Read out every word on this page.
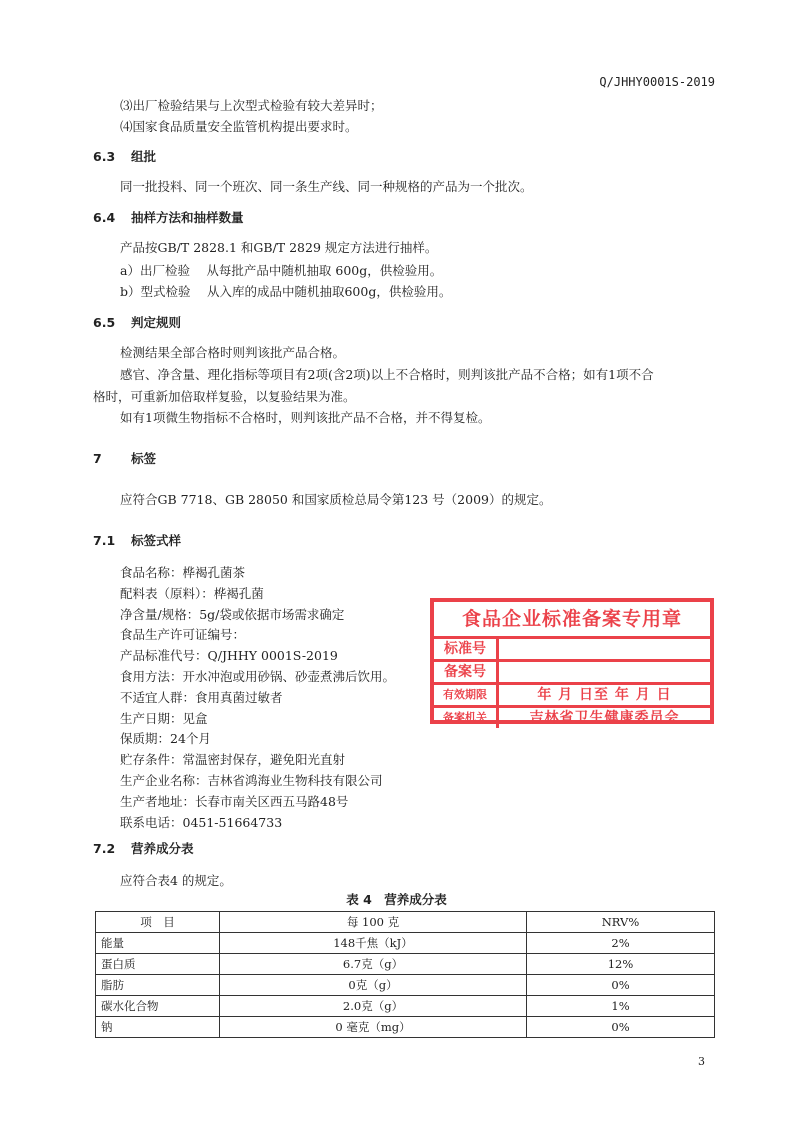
Q/JHHY0001S-2019
⑶出厂检验结果与上次型式检验有较大差异时；
⑷国家食品质量安全监管机构提出要求时。
6.3 组批
同一批投料、同一个班次、同一条生产线、同一种规格的产品为一个批次。
6.4 抽样方法和抽样数量
产品按GB/T 2828.1 和GB/T 2829 规定方法进行抽样。
a）出厂检验　 从每批产品中随机抽取 600g，供检验用。
b）型式检验　 从入库的成品中随机抽取600g，供检验用。
6.5 判定规则
检测结果全部合格时则判该批产品合格。
感官、净含量、理化指标等项目有2项(含2项)以上不合格时，则判该批产品不合格；如有1项不合
格时，可重新加倍取样复验，以复验结果为准。
如有1项微生物指标不合格时，则判该批产品不合格，并不得复检。
7 标签
应符合GB 7718、GB 28050 和国家质检总局令第123 号（2009）的规定。
7.1 标签式样
食品名称：桦褐孔菌茶
配料表（原料）：桦褐孔菌
净含量/规格：5g/袋或依据市场需求确定
食品生产许可证编号：
产品标准代号：Q/JHHY 0001S-2019
食用方法：开水冲泡或用砂锅、砂壶煮沸后饮用。
不适宜人群：食用真菌过敏者
生产日期：见盒
保质期：24个月
贮存条件：常温密封保存，避免阳光直射
生产企业名称：吉林省鸿海业生物科技有限公司
生产者地址：长春市南关区西五马路48号
联系电话：0451-51664733
7.2 营养成分表
应符合表4 的规定。
表 4　营养成分表
项　目	每 100 克	NRV%
能量	148千焦（kJ）	2%
蛋白质	6.7克（g）	12%
脂肪	0克（g）	0%
碳水化合物	2.0克（g）	1%
钠	0 毫克（mg）	0%
食品企业标准备案专用章
标准号
备案号
有效期限	年 月 日至 年 月 日
备案机关	吉林省卫生健康委员会
3
